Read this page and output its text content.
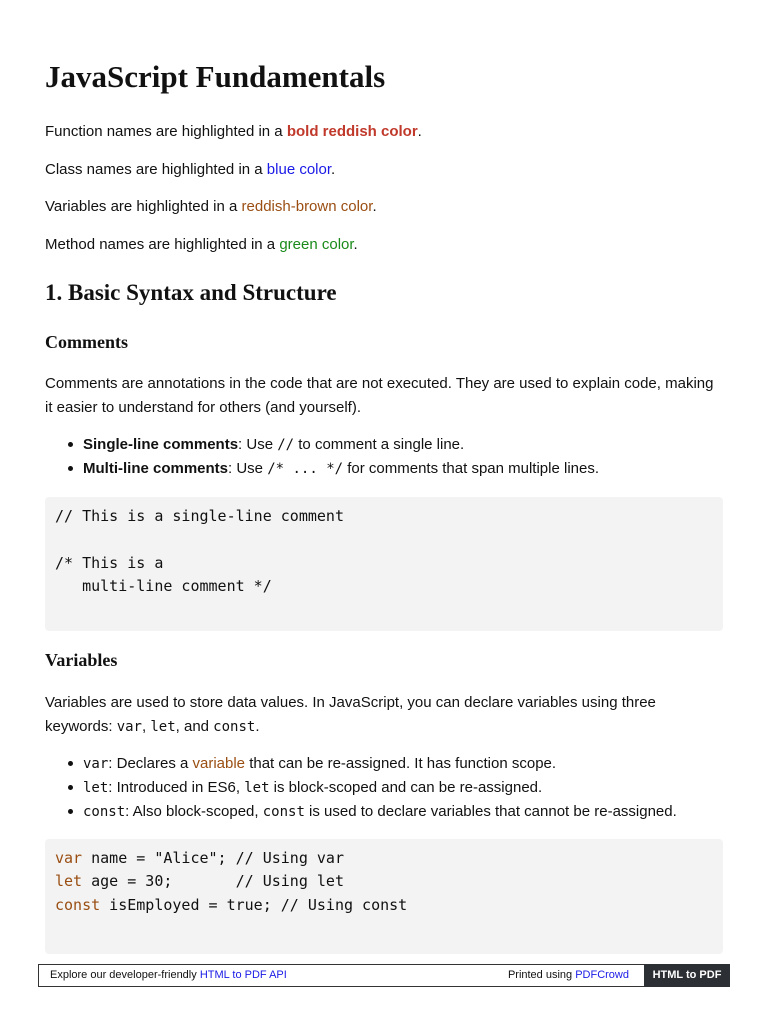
JavaScript Fundamentals

Function names are highlighted in a bold reddish color.

Class names are highlighted in a blue color.

Variables are highlighted in a reddish-brown color.

Method names are highlighted in a green color.

1. Basic Syntax and Structure
Comments

Comments are annotations in the code that are not executed. They are used to explain code, making it easier to understand for others (and yourself).

Single-line comments: Use // to comment a single line.
Multi-line comments: Use /* ... */ for comments that span multiple lines.
// This is a single-line comment
/* This is a
multi-line comment */
Variables

Variables are used to store data values. In JavaScript, you can declare variables using three keywords: var, let, and const.

var: Declares a variable that can be re-assigned. It has function scope.
let: Introduced in ES6, let is block-scoped and can be re-assigned.
const: Also block-scoped, const is used to declare variables that cannot be re-assigned.
var name = "Alice"; // Using var
let age = 30;       // Using let
const isEmployed = true; // Using const
Explore our developer-friendly HTML to PDF API	Printed using PDFCrowd	HTML to PDF
